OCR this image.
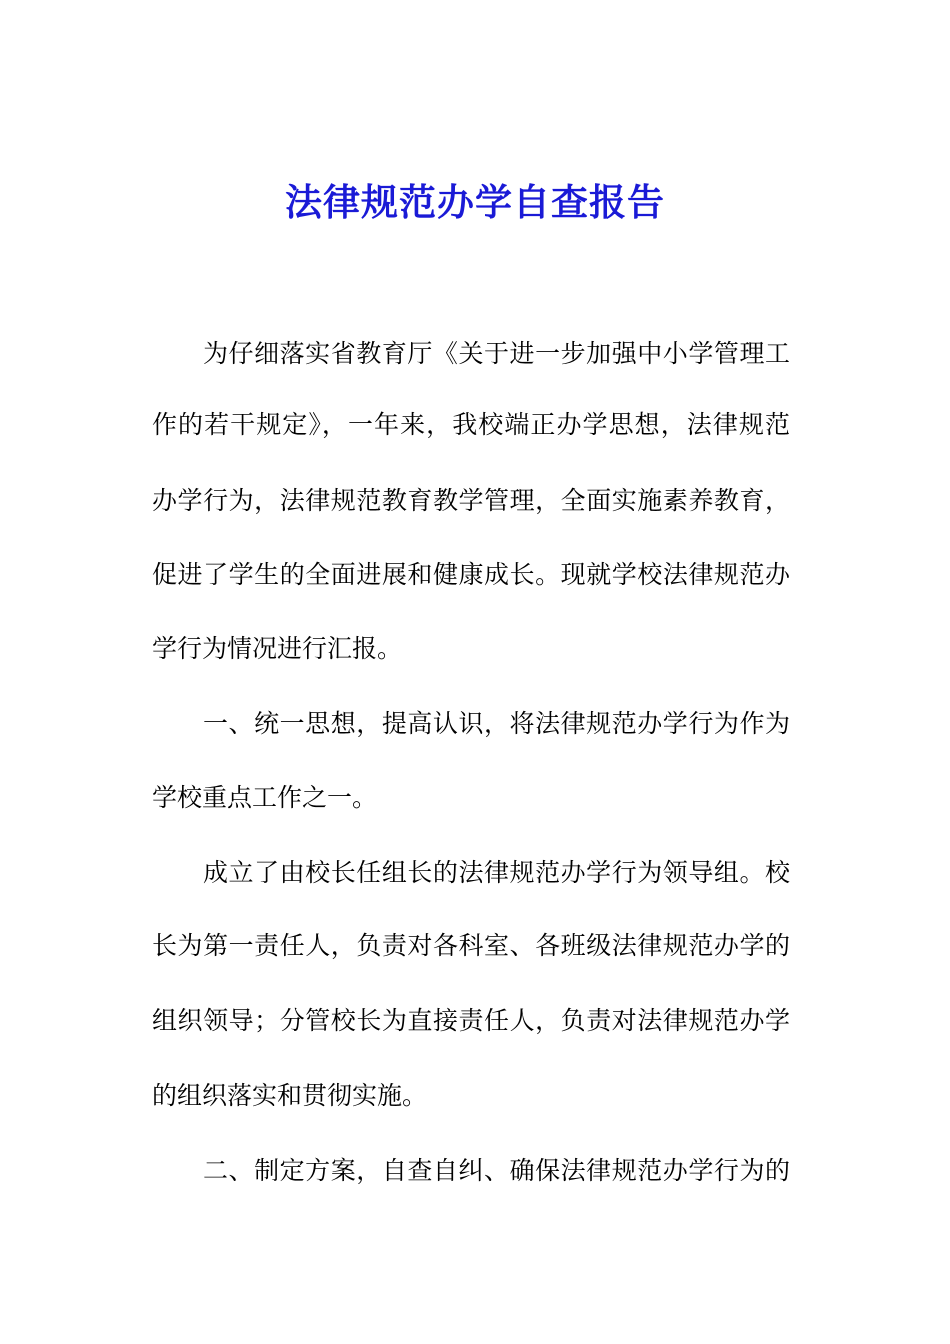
法律规范办学自查报告
为仔细落实省教育厅《关于进一步加强中小学管理工
作的若干规定》，一年来，我校端正办学思想，法律规范
办学行为，法律规范教育教学管理，全面实施素养教育，
促进了学生的全面进展和健康成长。现就学校法律规范办
学行为情况进行汇报。
一、统一思想，提高认识，将法律规范办学行为作为
学校重点工作之一。
成立了由校长任组长的法律规范办学行为领导组。校
长为第一责任人，负责对各科室、各班级法律规范办学的
组织领导；分管校长为直接责任人，负责对法律规范办学
的组织落实和贯彻实施。
二、制定方案，自查自纠、确保法律规范办学行为的
